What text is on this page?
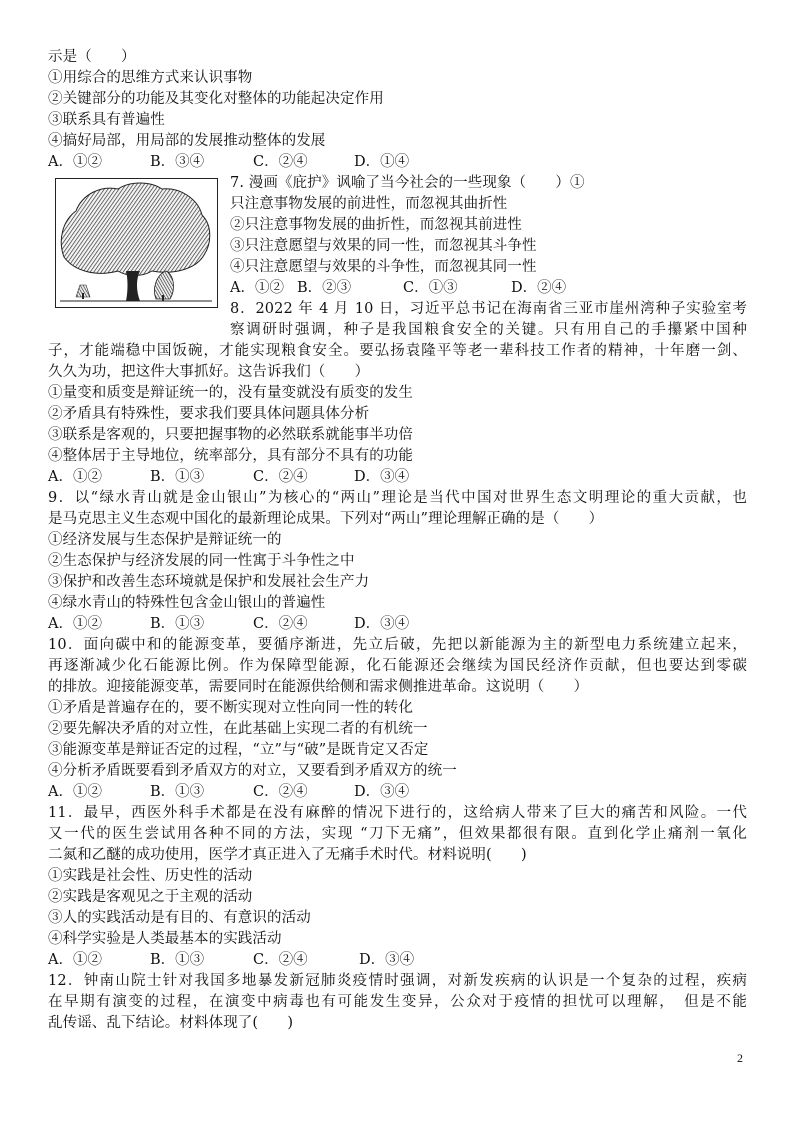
示是（　　）
①用综合的思维方式来认识事物
②关键部分的功能及其变化对整体的功能起决定作用
③联系具有普遍性
④搞好局部，用局部的发展推动整体的发展
A．①②	B．③④	C．②④	D．①④
7. 漫画《庇护》讽喻了当今社会的一些现象（　　）①
只注意事物发展的前进性，而忽视其曲折性
②只注意事物发展的曲折性，而忽视其前进性
③只注意愿望与效果的同一性，而忽视其斗争性
④只注意愿望与效果的斗争性，而忽视其同一性
A．①② B．②③	C．①③	D．②④
8．2022 年 4 月 10 日，习近平总书记在海南省三亚市崖州湾种子实验室考
察调研时强调，种子是我国粮食安全的关键。只有用自己的手攥紧中国种
子，才能端稳中国饭碗，才能实现粮食安全。要弘扬袁隆平等老一辈科技工作者的精神，十年磨一剑、
久久为功，把这件大事抓好。这告诉我们（　　）
①量变和质变是辩证统一的，没有量变就没有质变的发生
②矛盾具有特殊性，要求我们要具体问题具体分析
③联系是客观的，只要把握事物的必然联系就能事半功倍
④整体居于主导地位，统率部分，具有部分不具有的功能
A．①②	B．①③	C．②④	D．③④
9．以“绿水青山就是金山银山”为核心的“两山”理论是当代中国对世界生态文明理论的重大贡献，也
是马克思主义生态观中国化的最新理论成果。下列对“两山”理论理解正确的是（　　）
①经济发展与生态保护是辩证统一的
②生态保护与经济发展的同一性寓于斗争性之中
③保护和改善生态环境就是保护和发展社会生产力
④绿水青山的特殊性包含金山银山的普遍性
A．①②	B．①③	C．②④	D．③④
10．面向碳中和的能源变革，要循序渐进，先立后破，先把以新能源为主的新型电力系统建立起来，
再逐渐减少化石能源比例。作为保障型能源，化石能源还会继续为国民经济作贡献，但也要达到零碳
的排放。迎接能源变革，需要同时在能源供给侧和需求侧推进革命。这说明（　　）
①矛盾是普遍存在的，要不断实现对立性向同一性的转化
②要先解决矛盾的对立性，在此基础上实现二者的有机统一
③能源变革是辩证否定的过程，“立”与“破”是既肯定又否定
④分析矛盾既要看到矛盾双方的对立，又要看到矛盾双方的统一
A．①②	B．①③	C．②④	D．③④
11．最早，西医外科手术都是在没有麻醉的情况下进行的，这给病人带来了巨大的痛苦和风险。一代
又一代的医生尝试用各种不同的方法，实现 “刀下无痛”，但效果都很有限。直到化学止痛剂一氧化
二氮和乙醚的成功使用，医学才真正进入了无痛手术时代。材料说明(　　)
①实践是社会性、历史性的活动
②实践是客观见之于主观的活动
③人的实践活动是有目的、有意识的活动
④科学实验是人类最基本的实践活动
A．①②	B．①③	C．②④	D．③④
12．钟南山院士针对我国多地暴发新冠肺炎疫情时强调，对新发疾病的认识是一个复杂的过程，疾病
在早期有演变的过程，在演变中病毒也有可能发生变异，公众对于疫情的担忧可以理解，　但是不能
乱传谣、乱下结论。材料体现了(　　)
2
